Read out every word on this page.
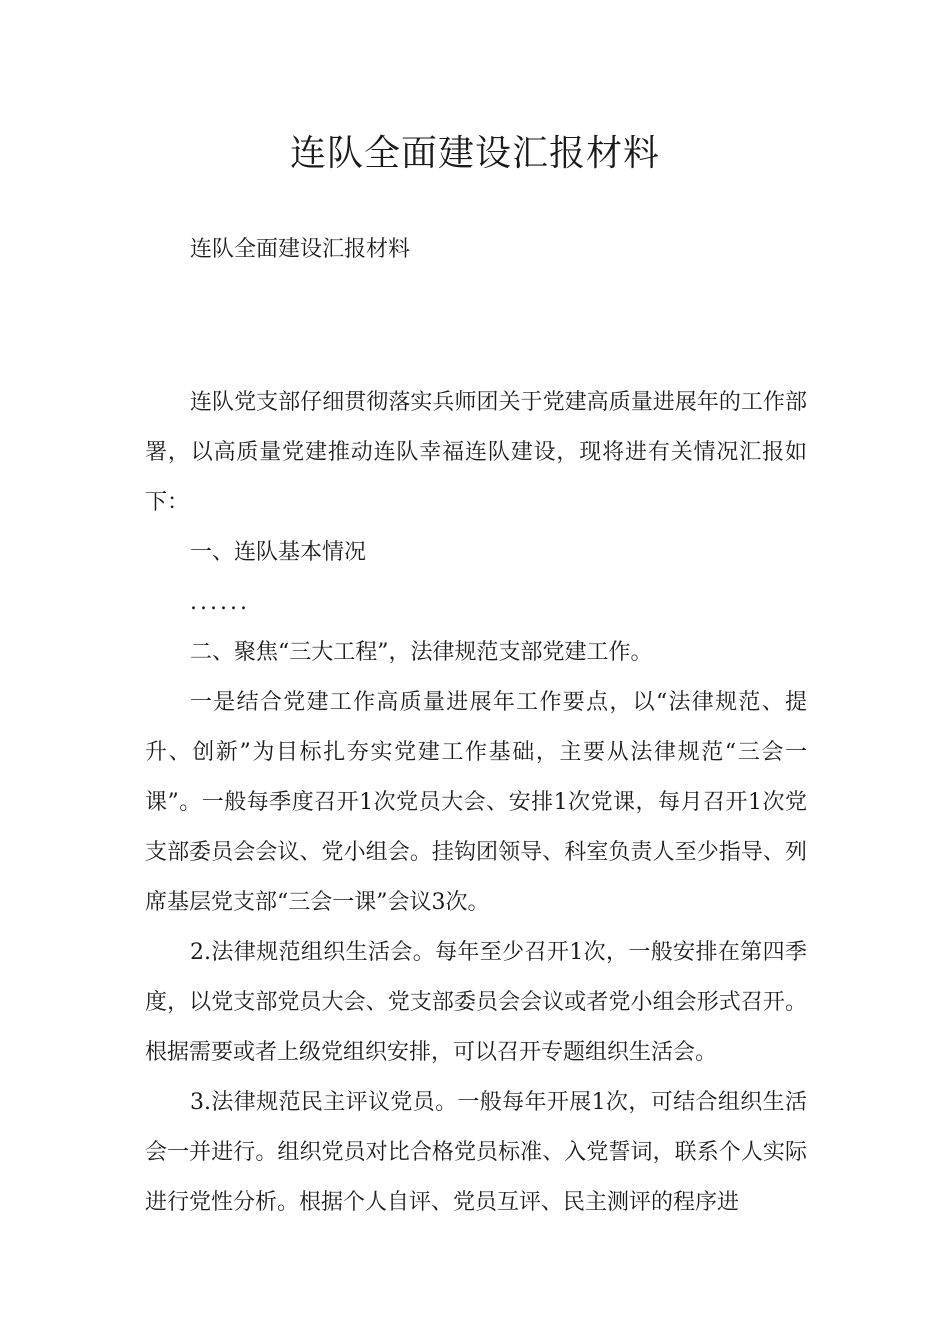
连队全面建设汇报材料

连队全面建设汇报材料

连队党支部仔细贯彻落实兵师团关于党建高质量进展年的工作部署，以高质量党建推动连队幸福连队建设，现将进有关情况汇报如下：

一、连队基本情况

......

二、聚焦“三大工程”，法律规范支部党建工作。

一是结合党建工作高质量进展年工作要点，以“法律规范、提升、创新”为目标扎夯实党建工作基础，主要从法律规范“三会一课”。一般每季度召开1次党员大会、安排1次党课，每月召开1次党支部委员会会议、党小组会。挂钩团领导、科室负责人至少指导、列席基层党支部“三会一课”会议3次。

2.法律规范组织生活会。每年至少召开1次，一般安排在第四季度，以党支部党员大会、党支部委员会会议或者党小组会形式召开。根据需要或者上级党组织安排，可以召开专题组织生活会。

3.法律规范民主评议党员。一般每年开展1次，可结合组织生活会一并进行。组织党员对比合格党员标准、入党誓词，联系个人实际进行党性分析。根据个人自评、党员互评、民主测评的程序进
